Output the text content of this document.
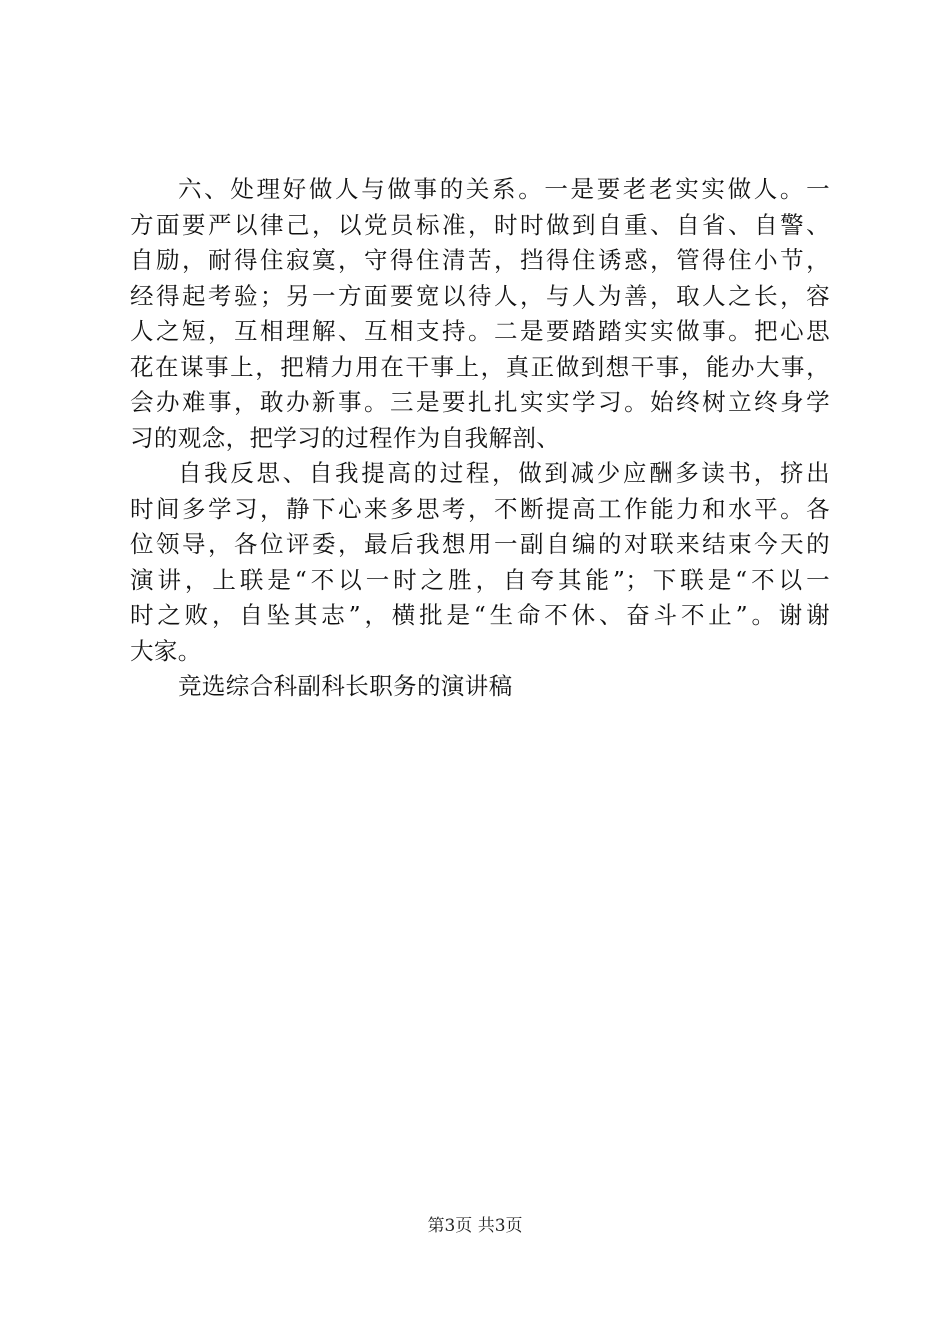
六、处理好做人与做事的关系。一是要老老实实做人。一
方面要严以律己，以党员标准，时时做到自重、自省、自警、
自励，耐得住寂寞，守得住清苦，挡得住诱惑，管得住小节，
经得起考验；另一方面要宽以待人，与人为善，取人之长，容
人之短，互相理解、互相支持。二是要踏踏实实做事。把心思
花在谋事上，把精力用在干事上，真正做到想干事，能办大事，
会办难事，敢办新事。三是要扎扎实实学习。始终树立终身学
习的观念，把学习的过程作为自我解剖、
自我反思、自我提高的过程，做到减少应酬多读书，挤出
时间多学习，静下心来多思考，不断提高工作能力和水平。各
位领导，各位评委，最后我想用一副自编的对联来结束今天的
演讲，上联是“不以一时之胜，自夸其能”；下联是“不以一
时之败，自坠其志”，横批是“生命不休、奋斗不止”。谢谢
大家。
竞选综合科副科长职务的演讲稿
第3页 共3页
